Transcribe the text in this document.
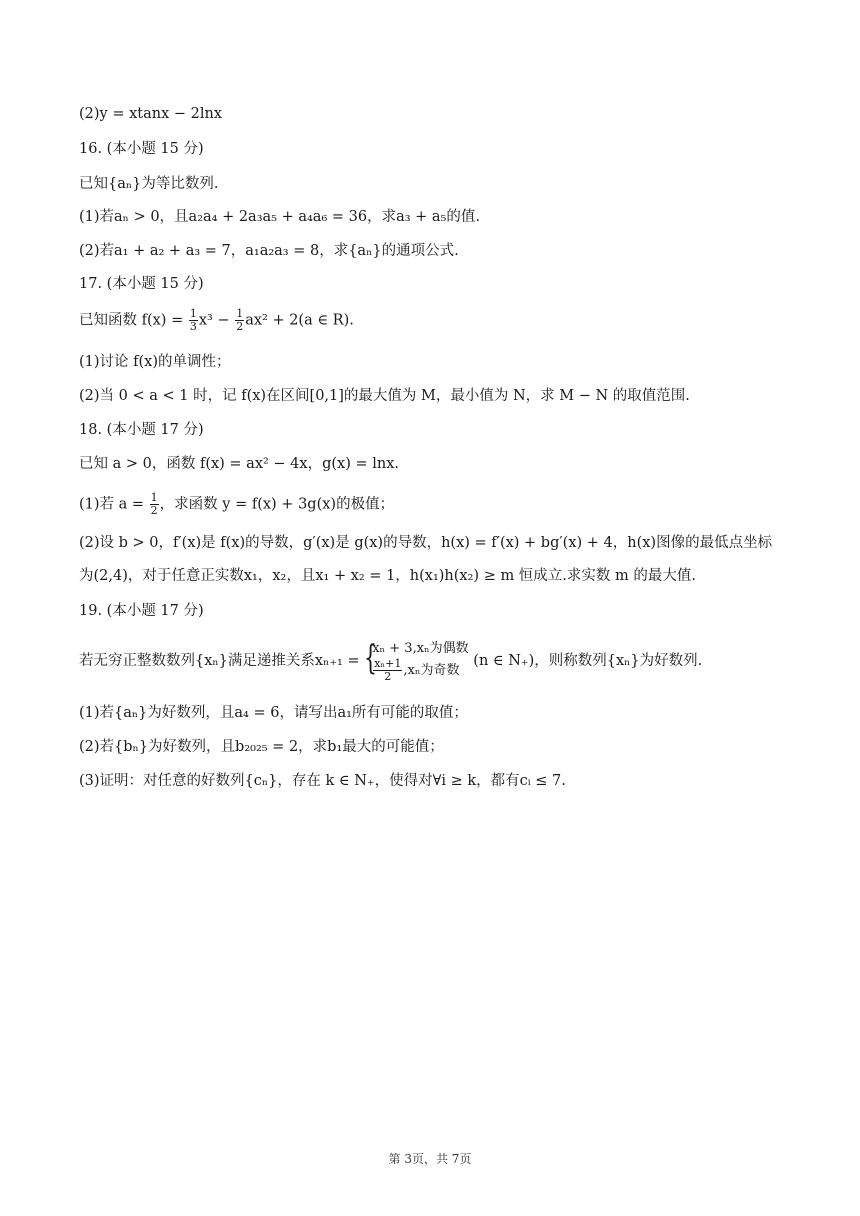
(2)y = xtanx − 2lnx
16. (本小题 15 分)
已知{aₙ}为等比数列.
(1)若aₙ > 0，且a₂a₄ + 2a₃a₅ + a₄a₆ = 36，求a₃ + a₅的值.
(2)若a₁ + a₂ + a₃ = 7，a₁a₂a₃ = 8，求{aₙ}的通项公式.
17. (本小题 15 分)
已知函数 $f(x) = \frac{1}{3} x^3 - \frac{1}{2} ax^2 + 2(a$ ∈ R).
(1)讨论 f(x)的单调性；
(2)当 0 < a < 1 时，记 f(x)在区间[0,1]的最大值为 M，最小值为 N，求 M − N 的取值范围.
18. (本小题 17 分)
已知 a > 0，函数 f(x) = ax² − 4x，g(x) = lnx.
(1)若 $a = \frac{1}{2}$ ，求函数 y = f(x) + 3g(x)的极值；
(2)设 b > 0，f′(x)是 f(x)的导数，g′(x)是 g(x)的导数，h(x) = f′(x) + bg′(x) + 4，h(x)图像的最低点坐标
为(2,4)，对于任意正实数x₁，x₂，且x₁ + x₂ = 1，h(x₁)h(x₂) ≥ m 恒成立.求实数 m 的最大值.
19. (本小题 17 分)
若无穷正整数数列{xₙ}满足递推关系xₙ₊₁ = {
xₙ + 3,xₙ为偶数
$\frac{\text{xₙ+1}}{2} ,x_n$为奇数
(n ∈ N₊)，则称数列{xₙ}为好数列.
(1)若{aₙ}为好数列，且a₄ = 6，请写出a₁所有可能的取值；
(2)若{bₙ}为好数列，且b₂₀₂₅ = 2，求b₁最大的可能值；
(3)证明：对任意的好数列{cₙ}，存在 k ∈ N₊，使得对∀i ≥ k，都有cᵢ ≤ 7.
第 3页，共 7页
